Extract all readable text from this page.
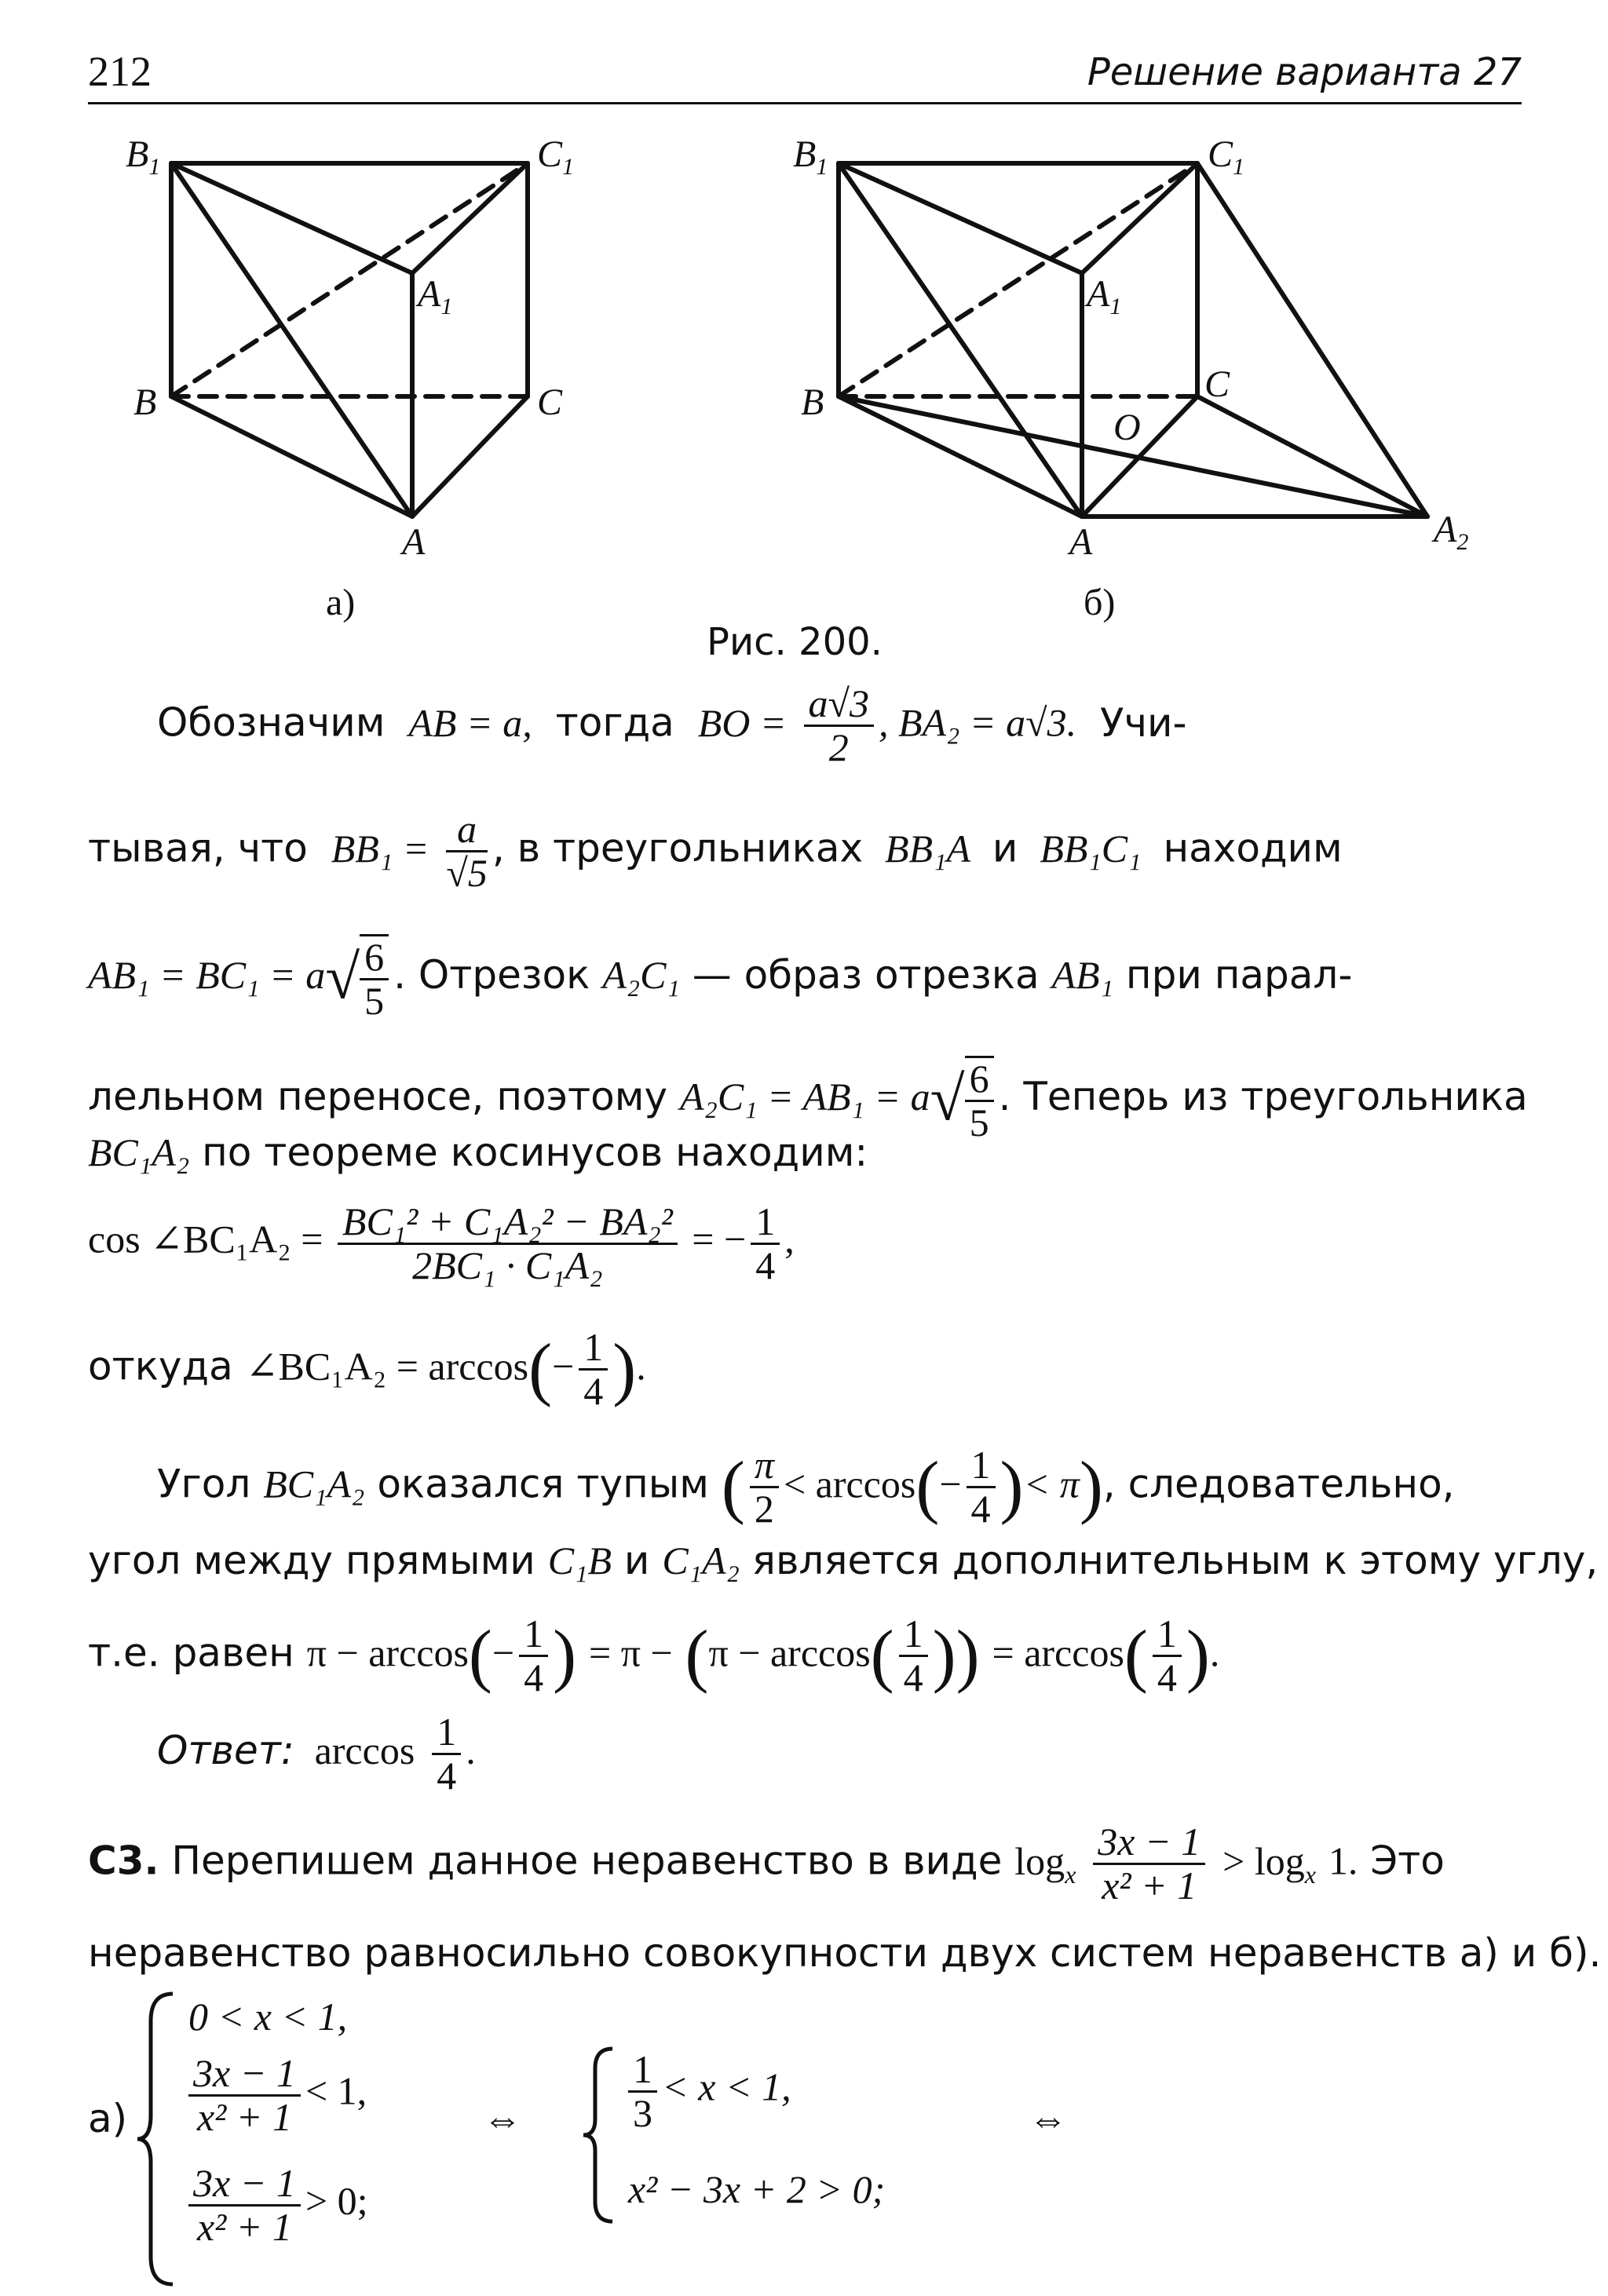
212	Решение варианта 27
$B_1$	$C_1$
$A_1$
B	C
A
$B_1$	$C_1$
$A_1$
B	C
O
A	$A_2$
а)	б)
Рис. 200.
Обозначим AB = a, тогда BO = $\frac{a√3}{2}$ , BA₂ = a√3. Учи-
тывая, что $BB_1 = \frac{a}{√5}$ , в треугольниках BB₁A и BB₁C₁ находим
$AB_1 = BC_1 = a√ \frac{6}{5}$ . Отрезок A₂C₁ — образ отрезка AB₁ при парал-
лельном переносе, поэтому $A_2C_1 = AB_1 = a√ \frac{6}{5}$ . Теперь из треугольника
BC₁A₂ по теореме косинусов находим:
cos ∠BC₁A₂ = $\frac{\text{BC₁² + C₁A₂² − BA₂²}}{\text{2BC₁ · C₁A₂}}$ = − $\frac{1}{4}$ ,
откуда ∠BC₁A₂ = $\arccos(- \frac{1}{4}$ ).
Угол BC₁A₂ оказался тупым ( $\frac{\pi}{2} < \arccos(- \frac{1}{4}$ )< π), следовательно,
угол между прямыми C₁B и C₁A₂ является дополнительным к этому углу,
т.е. равен $\pi - \arccos(- \frac{1}{4}$ ) = $\pi - (\pi - \arccos( \frac{1}{4}$ )) = $\arccos( \frac{1}{4}$ ).
Ответ: $\arccos \frac{1}{4}$ .
C3. Перепишем данное неравенство в виде $\log_x \frac{3x - 1}{\text{x² + 1}} > \log_x 1$. Это
неравенство равносильно совокупности двух систем неравенств а) и б).
а)
0 < x < 1,
$\frac{3x - 1}{\text{x² + 1}} < 1$,
$\frac{3x - 1}{\text{x² + 1}} > 0$;
⇔	$\frac{1}{3} < x < 1$,
x² − 3x + 2 > 0;
⇔
